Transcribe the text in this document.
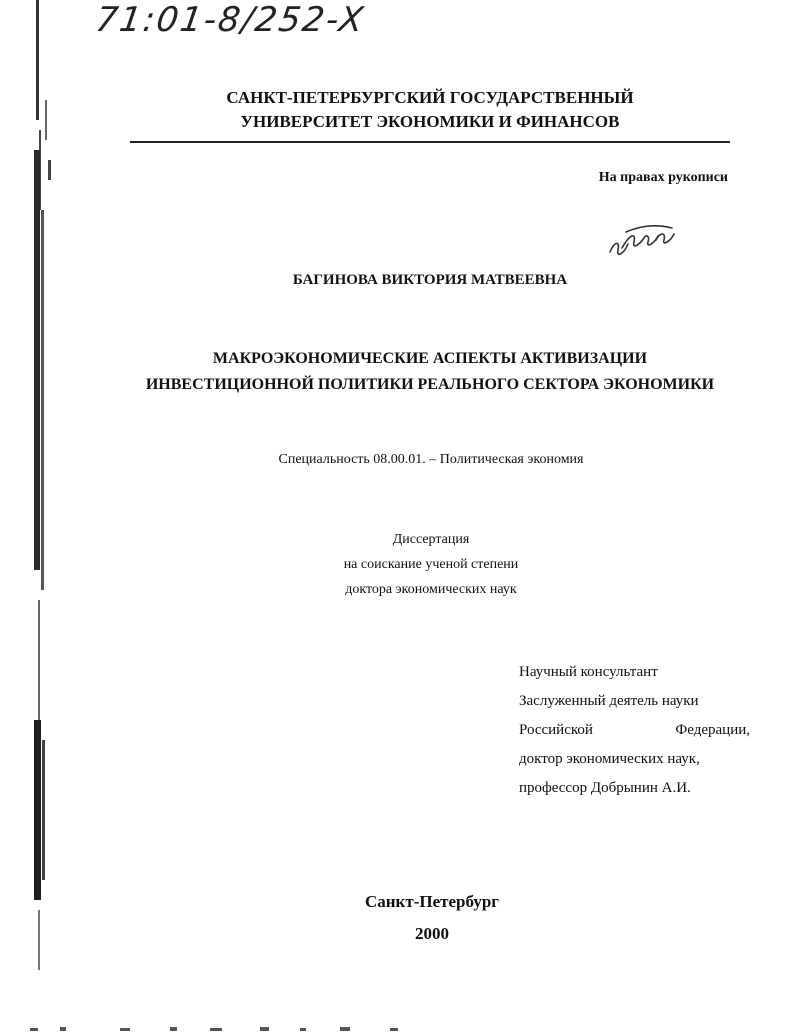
71:01-8/252-X
САНКТ-ПЕТЕРБУРГСКИЙ ГОСУДАРСТВЕННЫЙ
УНИВЕРСИТЕТ ЭКОНОМИКИ И ФИНАНСОВ
На правах рукописи
БАГИНОВА ВИКТОРИЯ МАТВЕЕВНА
МАКРОЭКОНОМИЧЕСКИЕ АСПЕКТЫ АКТИВИЗАЦИИ
ИНВЕСТИЦИОННОЙ ПОЛИТИКИ РЕАЛЬНОГО СЕКТОРА ЭКОНОМИКИ
Специальность 08.00.01. – Политическая экономия
Диссертация
на соискание ученой степени
доктора экономических наук
Научный консультант
Заслуженный деятель науки
Российской	Федерации,
доктор экономических наук,
профессор Добрынин А.И.
Санкт-Петербург
2000
